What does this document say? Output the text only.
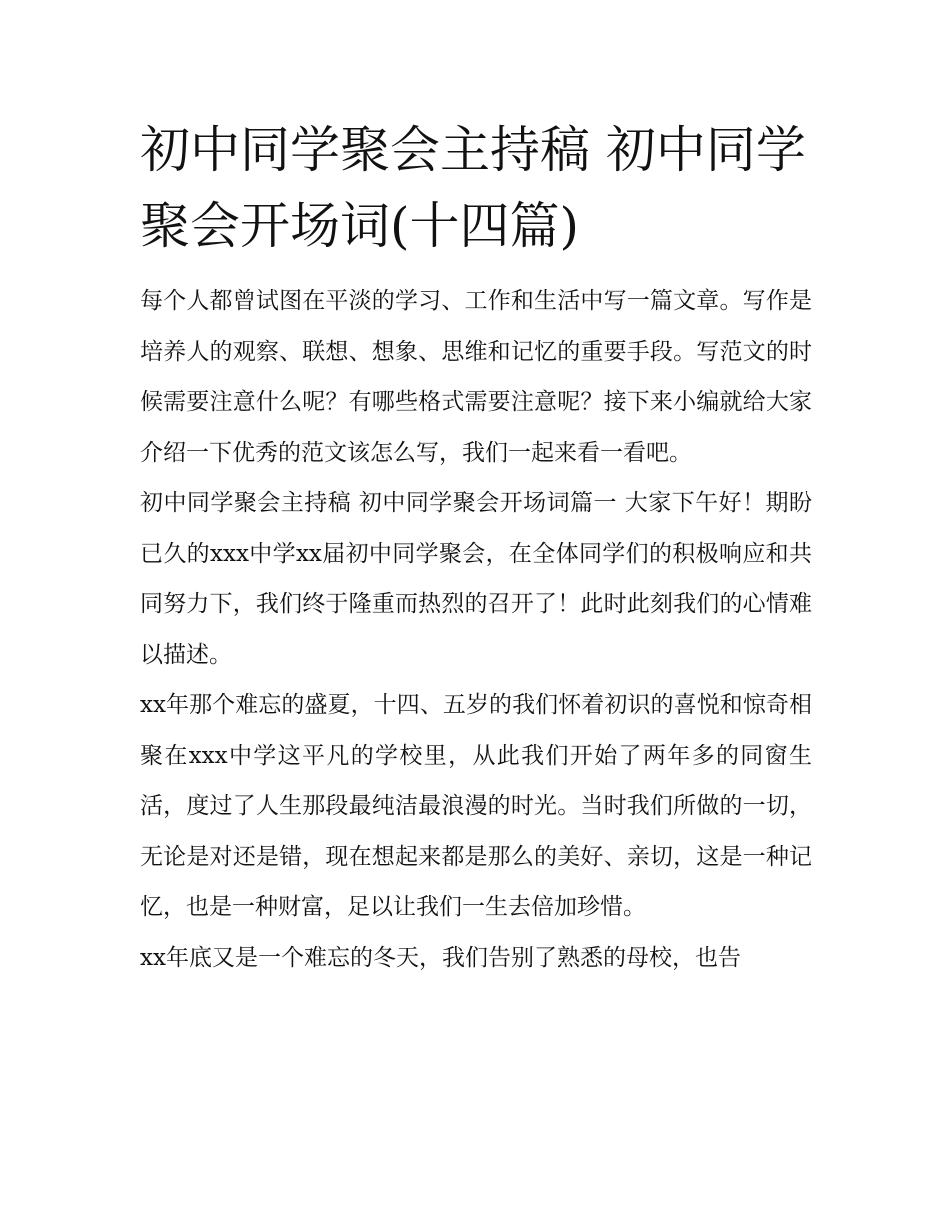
初中同学聚会主持稿 初中同学聚会开场词(十四篇)

每个人都曾试图在平淡的学习、工作和生活中写一篇文章。写作是培养人的观察、联想、想象、思维和记忆的重要手段。写范文的时候需要注意什么呢？有哪些格式需要注意呢？接下来小编就给大家介绍一下优秀的范文该怎么写，我们一起来看一看吧。

初中同学聚会主持稿 初中同学聚会开场词篇一 大家下午好！期盼已久的xxx中学xx届初中同学聚会，在全体同学们的积极响应和共同努力下，我们终于隆重而热烈的召开了！此时此刻我们的心情难以描述。

xx年那个难忘的盛夏，十四、五岁的我们怀着初识的喜悦和惊奇相聚在xxx中学这平凡的学校里，从此我们开始了两年多的同窗生活，度过了人生那段最纯洁最浪漫的时光。当时我们所做的一切，无论是对还是错，现在想起来都是那么的美好、亲切，这是一种记忆，也是一种财富，足以让我们一生去倍加珍惜。

xx年底又是一个难忘的冬天，我们告别了熟悉的母校，也告
